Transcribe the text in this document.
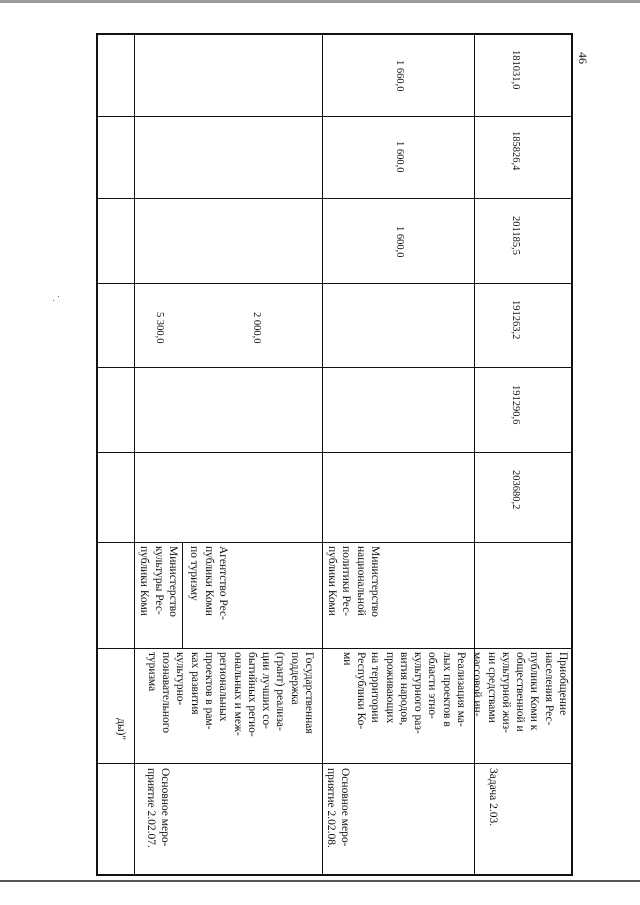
46
ды)"
Основное меро-
приятие 2.02.07.
Государственная
поддержка
(грант) реализа-
ции лучших со-
бытийных регио-
ональных и меж-
региональных
проектов в рам-
ках развития
культурно-
познавательного
туризма
Министерство
культуры Рес-
публики Коми
Агентство Рес-
публики Коми
по туризму
5 300,0	2 000,0
Основное меро-
приятие 2.02.08.
Реализация ма-
лых проектов в
области этно-
культурного раз-
вития народов,
проживающих
на территории
Республики Ко-
ми
Министерство
национальной
политики Рес-
публики Коми
1 600,0
1 600,0
1 660,0
Задача 2.03.
Приобщение
населения Рес-
публики Коми к
общественной и
культурной жиз-
ни средствами
массовой ин-
203680,2
191290,6
191263,2
201185,5
185826,4
181031,0
